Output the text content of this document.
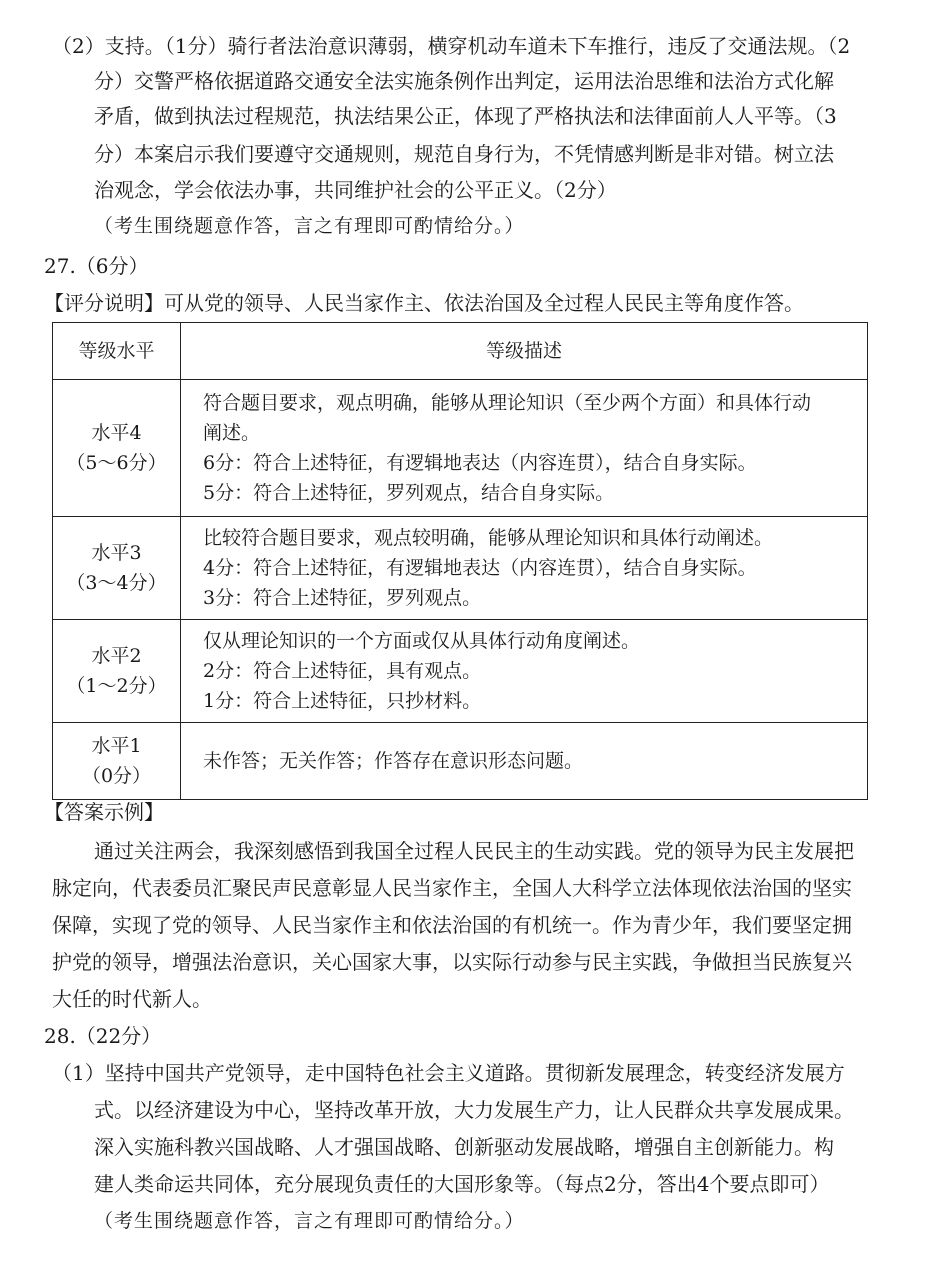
（2）支持。（1分）骑行者法治意识薄弱，横穿机动车道未下车推行，违反了交通法规。（2
分）交警严格依据道路交通安全法实施条例作出判定，运用法治思维和法治方式化解
矛盾，做到执法过程规范，执法结果公正，体现了严格执法和法律面前人人平等。（3
分）本案启示我们要遵守交通规则，规范自身行为，不凭情感判断是非对错。树立法
治观念，学会依法办事，共同维护社会的公平正义。（2分）
（考生围绕题意作答，言之有理即可酌情给分。）
27.（6分）
【评分说明】可从党的领导、人民当家作主、依法治国及全过程人民民主等角度作答。
等级水平	等级描述

水平4
（5～6分）	符合题目要求，观点明确，能够从理论知识（至少两个方面）和具体行动
阐述。
6分：符合上述特征，有逻辑地表达（内容连贯），结合自身实际。
5分：符合上述特征，罗列观点，结合自身实际。

水平3
（3～4分）	比较符合题目要求，观点较明确，能够从理论知识和具体行动阐述。
4分：符合上述特征，有逻辑地表达（内容连贯），结合自身实际。
3分：符合上述特征，罗列观点。

水平2
（1～2分）	仅从理论知识的一个方面或仅从具体行动角度阐述。
2分：符合上述特征，具有观点。
1分：符合上述特征，只抄材料。

水平1
（0分）	未作答；无关作答；作答存在意识形态问题。
【答案示例】
通过关注两会，我深刻感悟到我国全过程人民民主的生动实践。党的领导为民主发展把
脉定向，代表委员汇聚民声民意彰显人民当家作主，全国人大科学立法体现依法治国的坚实
保障，实现了党的领导、人民当家作主和依法治国的有机统一。作为青少年，我们要坚定拥
护党的领导，增强法治意识，关心国家大事，以实际行动参与民主实践，争做担当民族复兴
大任的时代新人。
28.（22分）
（1）坚持中国共产党领导，走中国特色社会主义道路。贯彻新发展理念，转变经济发展方
式。以经济建设为中心，坚持改革开放，大力发展生产力，让人民群众共享发展成果。
深入实施科教兴国战略、人才强国战略、创新驱动发展战略，增强自主创新能力。构
建人类命运共同体，充分展现负责任的大国形象等。（每点2分，答出4个要点即可）
（考生围绕题意作答，言之有理即可酌情给分。）
